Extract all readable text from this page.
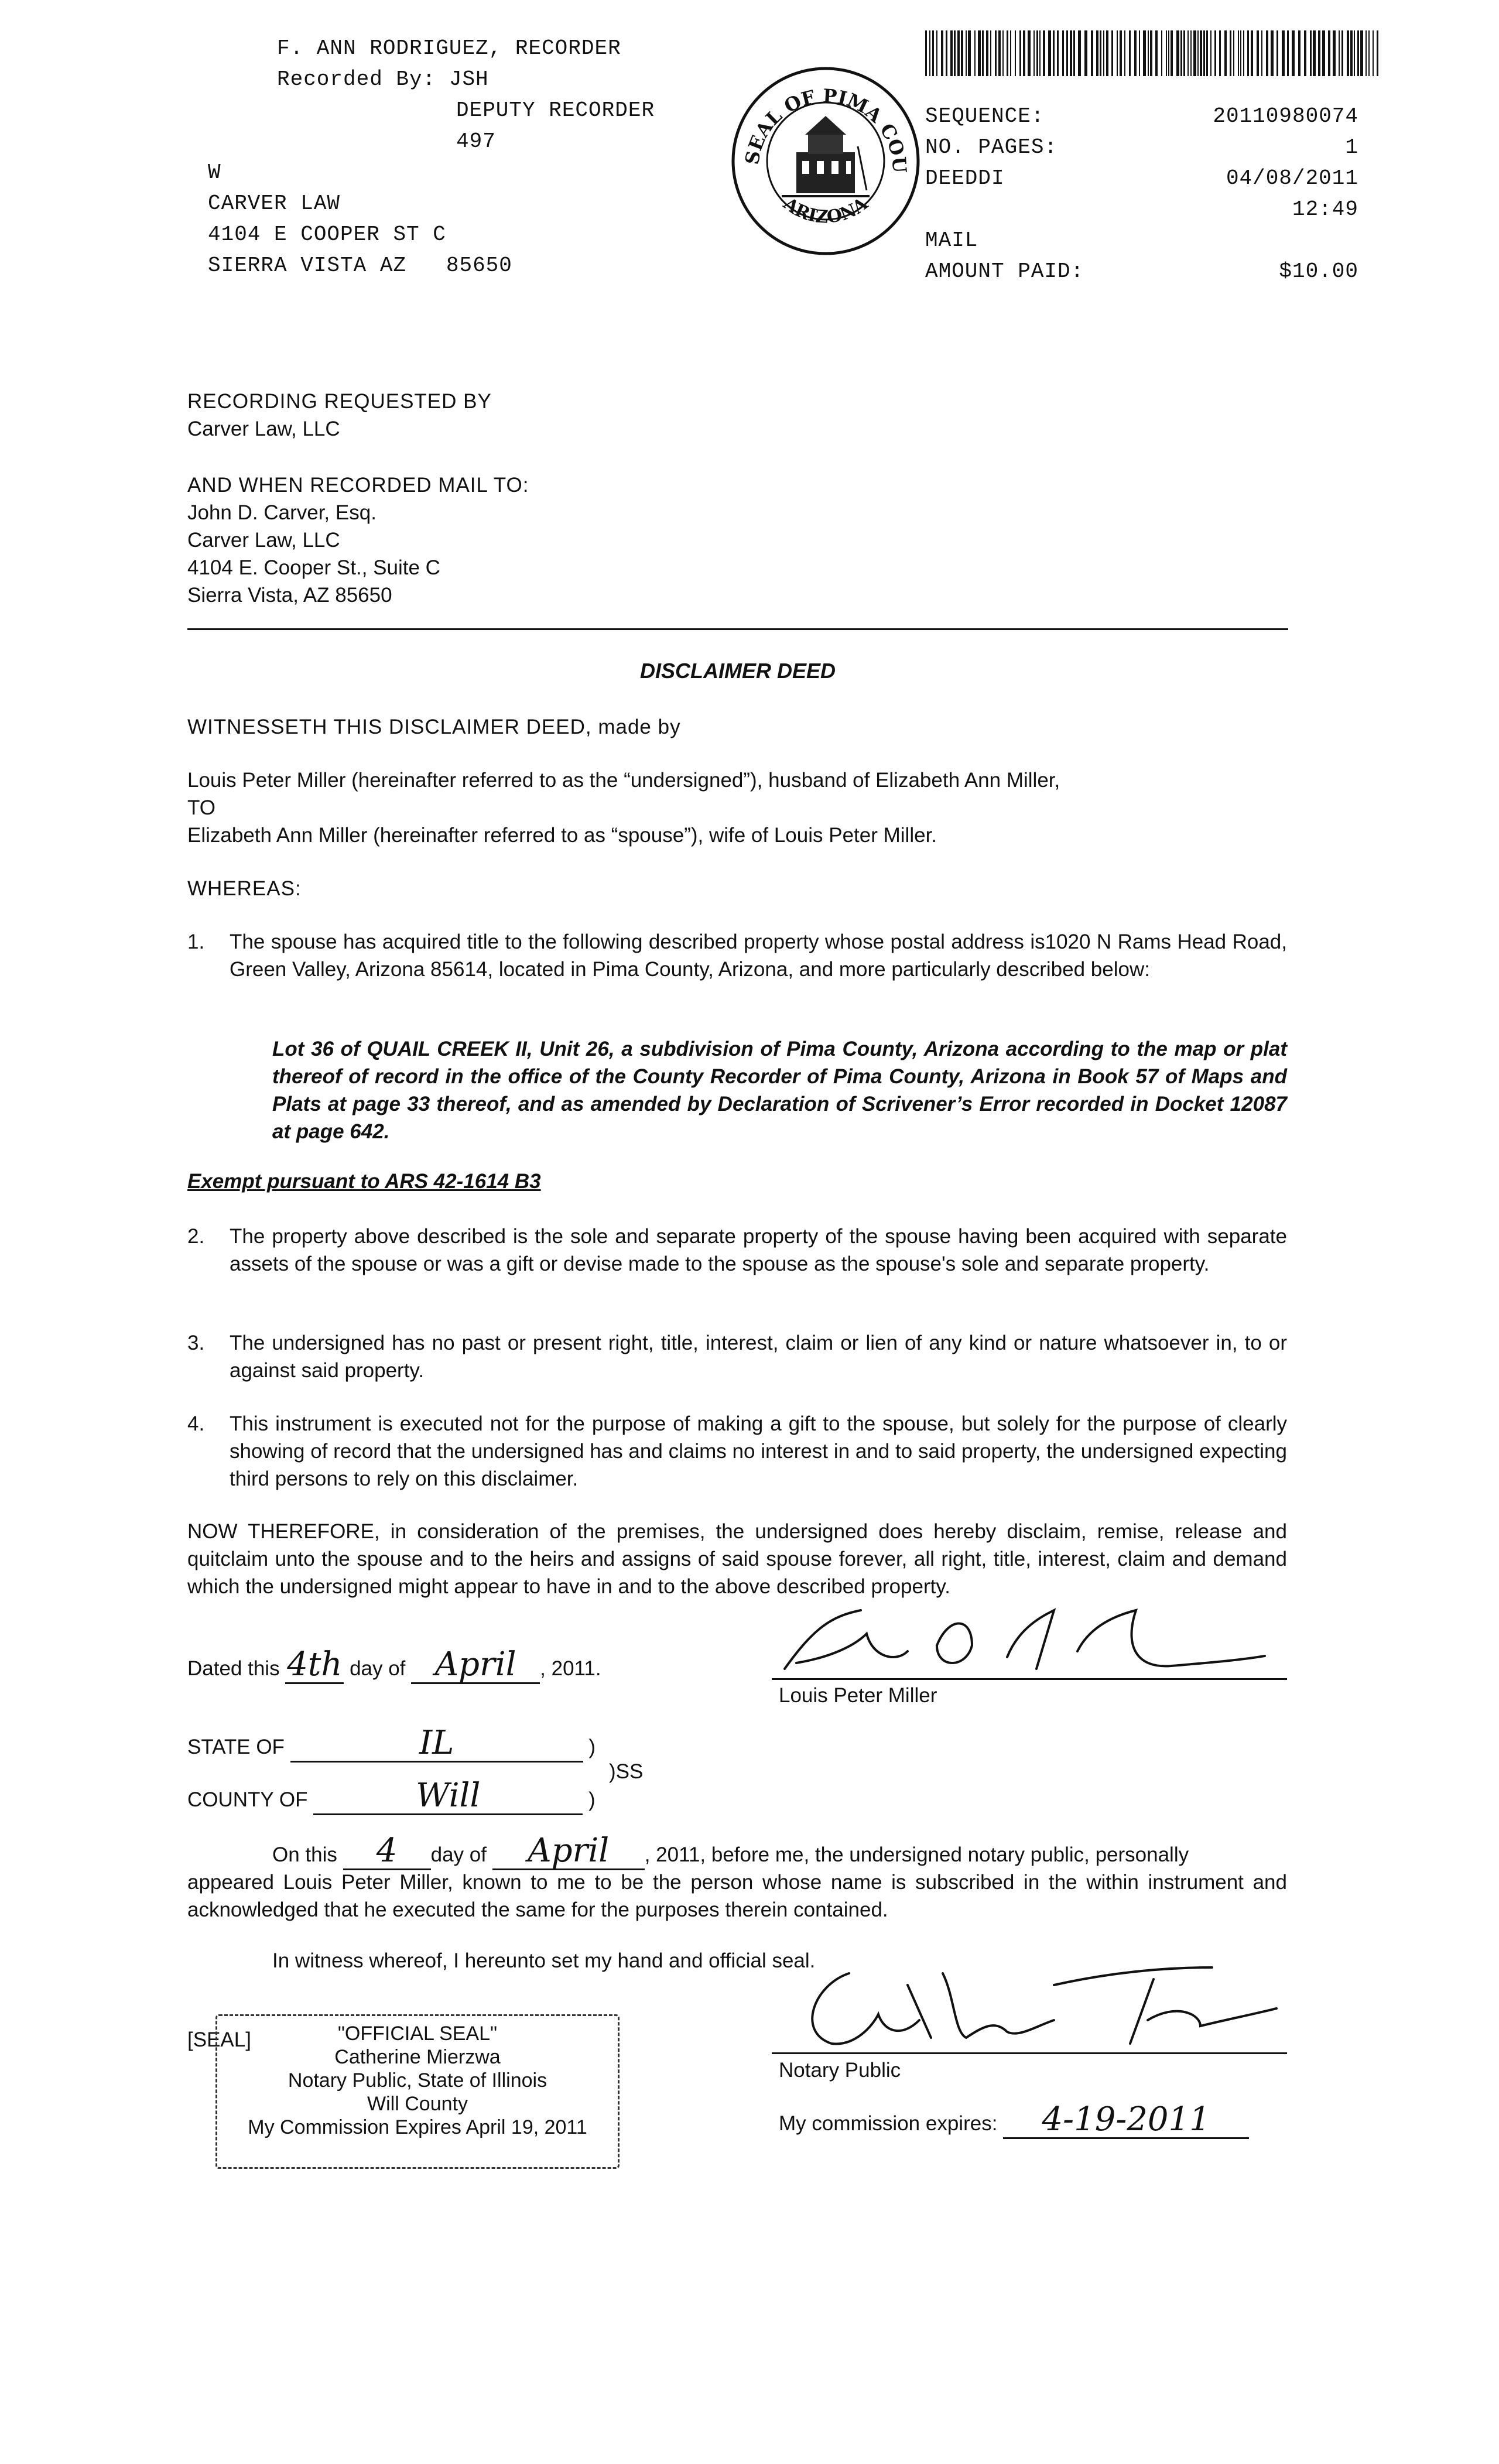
F. ANN RODRIGUEZ, RECORDER
Recorded By: JSH
DEPUTY RECORDER
497
W
CARVER LAW
4104 E COOPER ST C
SIERRA VISTA AZ   85650
SEAL OF PIMA COU
ARIZONA
SEQUENCE:	20110980074
NO. PAGES:	1
DEEDDI	04/08/2011
12:49
MAIL
AMOUNT PAID:	$10.00
RECORDING REQUESTED BY
Carver Law, LLC
AND WHEN RECORDED MAIL TO:
John D. Carver, Esq.
Carver Law, LLC
4104 E. Cooper St., Suite C
Sierra Vista, AZ 85650
DISCLAIMER DEED
WITNESSETH THIS DISCLAIMER DEED, made by
Louis Peter Miller (hereinafter referred to as the “undersigned”), husband of Elizabeth Ann Miller,
TO
Elizabeth Ann Miller (hereinafter referred to as “spouse”), wife of Louis Peter Miller.
WHEREAS:
1. The spouse has acquired title to the following described property whose postal address is1020 N Rams Head Road, Green Valley, Arizona 85614, located in Pima County, Arizona, and more particularly described below:
Lot 36 of QUAIL CREEK II, Unit 26, a subdivision of Pima County, Arizona according to the map or plat thereof of record in the office of the County Recorder of Pima County, Arizona in Book 57 of Maps and Plats at page 33 thereof, and as amended by Declaration of Scrivener’s Error recorded in Docket 12087 at page 642.
Exempt pursuant to ARS 42-1614 B3
2. The property above described is the sole and separate property of the spouse having been acquired with separate assets of the spouse or was a gift or devise made to the spouse as the spouse's sole and separate property.
3. The undersigned has no past or present right, title, interest, claim or lien of any kind or nature whatsoever in, to or against said property.
4. This instrument is executed not for the purpose of making a gift to the spouse, but solely for the purpose of clearly showing of record that the undersigned has and claims no interest in and to said property, the undersigned expecting third persons to rely on this disclaimer.
NOW THEREFORE, in consideration of the premises, the undersigned does hereby disclaim, remise, release and quitclaim unto the spouse and to the heirs and assigns of said spouse forever, all right, title, interest, claim and demand which the undersigned might appear to have in and to the above described property.
Dated this 4th day of April	, 2011.
Louis Peter Miller
STATE OF	IL	)
)SS
COUNTY OF	Will	)
On this	4	day of	April	, 2011, before me, the undersigned notary public, personally
appeared Louis Peter Miller, known to me to be the person whose name is subscribed in the within instrument and acknowledged that he executed the same for the purposes therein contained.
In witness whereof, I hereunto set my hand and official seal.
[SEAL]	"OFFICIAL SEAL"
Catherine Mierzwa
Notary Public, State of Illinois
Will County
My Commission Expires April 19, 2011
Notary Public
My commission expires:	4-19-2011
